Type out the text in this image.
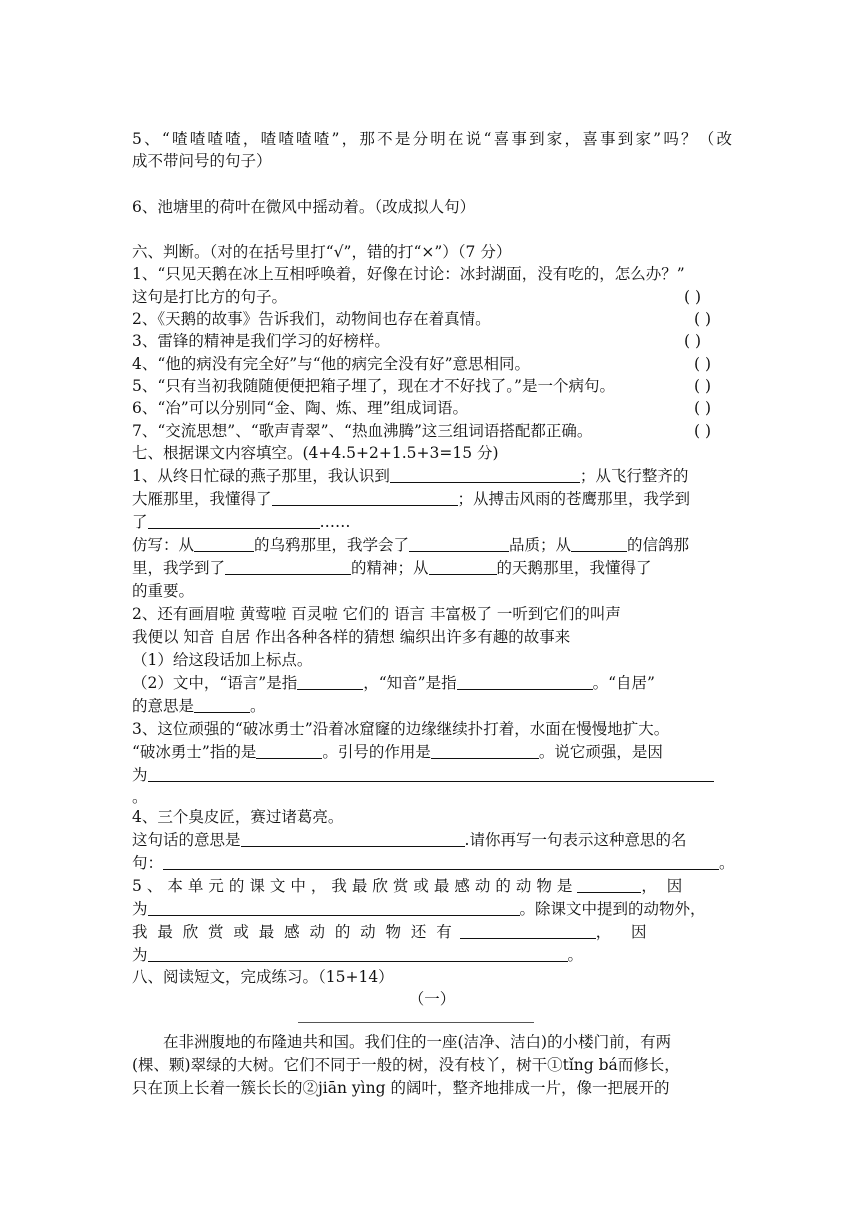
5、“喳喳喳喳，喳喳喳喳”，那不是分明在说“喜事到家，喜事到家”吗？（改
成不带问号的句子）
6、池塘里的荷叶在微风中摇动着。（改成拟人句）
六、判断。（对的在括号里打“√”，错的打“×”）（7 分）
1、“只见天鹅在冰上互相呼唤着，好像在讨论：冰封湖面，没有吃的，怎么办？”
这句是打比方的句子。	( )
2、《天鹅的故事》告诉我们，动物间也存在着真情。	( )
3、雷锋的精神是我们学习的好榜样。	( )
4、“他的病没有完全好”与“他的病完全没有好”意思相同。	( )
5、“只有当初我随随便便把箱子埋了，现在才不好找了。”是一个病句。	( )
6、“冶”可以分别同“金、陶、炼、理”组成词语。	( )
7、“交流思想”、“歌声青翠”、“热血沸腾”这三组词语搭配都正确。	( )
七、根据课文内容填空。(4+4.5+2+1.5+3=15 分)
1、从终日忙碌的燕子那里，我认识到	；从飞行整齐的
大雁那里，我懂得了	；从搏击风雨的苍鹰那里，我学到
了	……
仿写：从	的乌鸦那里，我学会了	品质；从	的信鸽那
里，我学到了	的精神；从	的天鹅那里，我懂得了
的重要。
2、还有画眉啦 黄莺啦 百灵啦 它们的 语言 丰富极了 一听到它们的叫声
我便以 知音 自居 作出各种各样的猜想 编织出许多有趣的故事来
（1）给这段话加上标点。
（2）文中，“语言”是指	，“知音”是指	。“自居”
的意思是	。
3、这位顽强的“破冰勇士”沿着冰窟窿的边缘继续扑打着，水面在慢慢地扩大。
“破冰勇士”指的是	。引号的作用是	。说它顽强，是因
为
。
4、三个臭皮匠，赛过诸葛亮。
这句话的意思是	.请你再写一句表示这种意思的名
句：	。
5、本单元的课文中，我最欣赏或最感动的动物是	，  因
为	。除课文中提到的动物外，
我  最  欣  赏  或  最  感  动  的  动  物  还  有	，    因
为	。
八、阅读短文，完成练习。（15+14）
（一）
在非洲腹地的布隆迪共和国。我们住的一座(洁净、洁白)的小楼门前，有两
(棵、颗)翠绿的大树。它们不同于一般的树，没有枝丫，树干①tǐng bá而修长，
只在顶上长着一簇长长的②jiān yìng 的阔叶，整齐地排成一片，像一把展开的
